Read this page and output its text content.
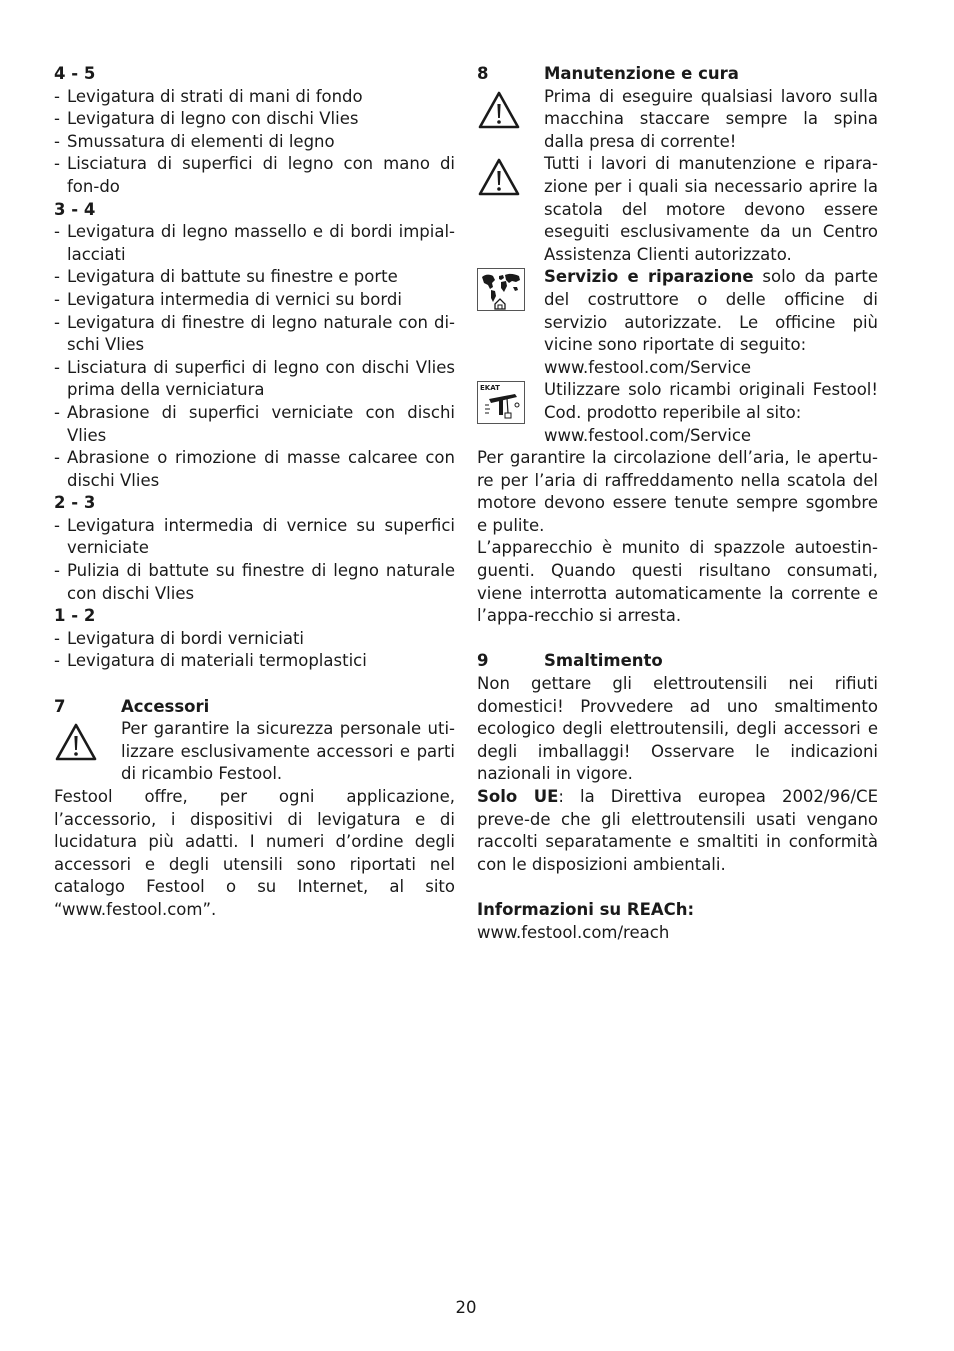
4 - 5
- Levigatura di strati di mani di fondo
- Levigatura di legno con dischi Vlies
- Smussatura di elementi di legno
- Lisciatura di superfici di legno con mano di fon-do
3 - 4
- Levigatura di legno massello e di bordi impial-lacciati
- Levigatura di battute su finestre e porte
- Levigatura intermedia di vernici su bordi
- Levigatura di finestre di legno naturale con di-schi Vlies
- Lisciatura di superfici di legno con dischi Vlies prima della verniciatura
- Abrasione di superfici verniciate con dischi Vlies
- Abrasione o rimozione di masse calcaree con dischi Vlies
2 - 3
- Levigatura intermedia di vernice su superfici verniciate
- Pulizia di battute su finestre di legno naturale con dischi Vlies
1 - 2
- Levigatura di bordi verniciati
- Levigatura di materiali termoplastici
7	Accessori
Per garantire la sicurezza personale uti-lizzare esclusivamente accessori e parti di ricambio Festool.

Festool offre, per ogni applicazione, l’accessorio, i dispositivi di levigatura e di lucidatura più adatti. I numeri d’ordine degli accessori e degli utensili sono riportati nel catalogo Festool o su Internet, al sito “www.festool.com”.

8	Manutenzione e cura
Prima di eseguire qualsiasi lavoro sulla macchina staccare sempre la spina dalla presa di corrente!
Tutti i lavori di manutenzione e ripara-zione per i quali sia necessario aprire la scatola del motore devono essere eseguiti esclusivamente da un Centro Assistenza Clienti autorizzato.
Servizio e riparazione solo da parte del costruttore o delle officine di servizio autorizzate. Le officine più vicine sono riportate di seguito:
www.festool.com/Service
EKAT	Utilizzare solo ricambi originali Festool! Cod. prodotto reperibile al sito:
www.festool.com/Service

Per garantire la circolazione dell’aria, le apertu-re per l’aria di raffreddamento nella scatola del motore devono essere tenute sempre sgombre e pulite.

L’apparecchio è munito di spazzole autoestin-guenti. Quando questi risultano consumati, viene interrotta automaticamente la corrente e l’appa-recchio si arresta.

9	Smaltimento

Non gettare gli elettroutensili nei rifiuti domestici! Provvedere ad uno smaltimento ecologico degli elettroutensili, degli accessori e degli imballaggi! Osservare le indicazioni nazionali in vigore.

Solo UE: la Direttiva europea 2002/96/CE preve-de che gli elettroutensili usati vengano raccolti separatamente e smaltiti in conformità con le disposizioni ambientali.

Informazioni su REACh:
www.festool.com/reach
20
